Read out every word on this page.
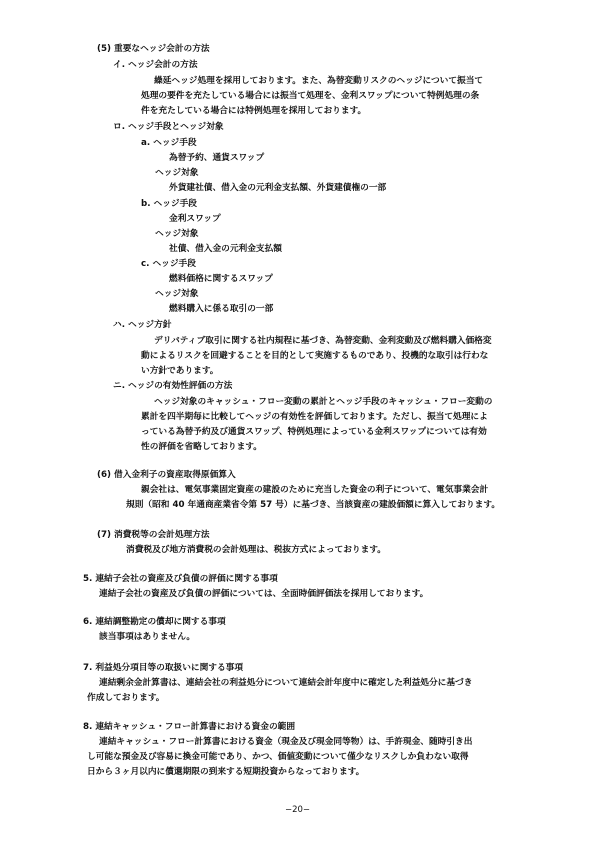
(5) 重要なヘッジ会計の方法
イ. ヘッジ会計の方法
繰延ヘッジ処理を採用しております。また、為替変動リスクのヘッジについて振当て
処理の要件を充たしている場合には振当て処理を、金利スワップについて特例処理の条
件を充たしている場合には特例処理を採用しております。
ロ. ヘッジ手段とヘッジ対象
a. ヘッジ手段
為替予約、通貨スワップ
ヘッジ対象
外貨建社債、借入金の元利金支払額、外貨建債権の一部
b. ヘッジ手段
金利スワップ
ヘッジ対象
社債、借入金の元利金支払額
c. ヘッジ手段
燃料価格に関するスワップ
ヘッジ対象
燃料購入に係る取引の一部
ハ. ヘッジ方針
デリバティブ取引に関する社内規程に基づき、為替変動、金利変動及び燃料購入価格変
動によるリスクを回避することを目的として実施するものであり、投機的な取引は行わな
い方針であります。
ニ. ヘッジの有効性評価の方法
ヘッジ対象のキャッシュ・フロー変動の累計とヘッジ手段のキャッシュ・フロー変動の
累計を四半期毎に比較してヘッジの有効性を評価しております。ただし、振当て処理によ
っている為替予約及び通貨スワップ、特例処理によっている金利スワップについては有効
性の評価を省略しております。
(6) 借入金利子の資産取得原価算入
親会社は、電気事業固定資産の建設のために充当した資金の利子について、電気事業会計
規則（昭和 40 年通商産業省令第 57 号）に基づき、当該資産の建設価額に算入しております。
(7) 消費税等の会計処理方法
消費税及び地方消費税の会計処理は、税抜方式によっております。
5. 連結子会社の資産及び負債の評価に関する事項
連結子会社の資産及び負債の評価については、全面時価評価法を採用しております。
6. 連結調整勘定の償却に関する事項
該当事項はありません。
7. 利益処分項目等の取扱いに関する事項
連結剰余金計算書は、連結会社の利益処分について連結会計年度中に確定した利益処分に基づき
作成しております。
8. 連結キャッシュ・フロー計算書における資金の範囲
連結キャッシュ・フロー計算書における資金（現金及び現金同等物）は、手許現金、随時引き出
し可能な預金及び容易に換金可能であり、かつ、価値変動について僅少なリスクしか負わない取得
日から３ヶ月以内に償還期限の到来する短期投資からなっております。
−20−
